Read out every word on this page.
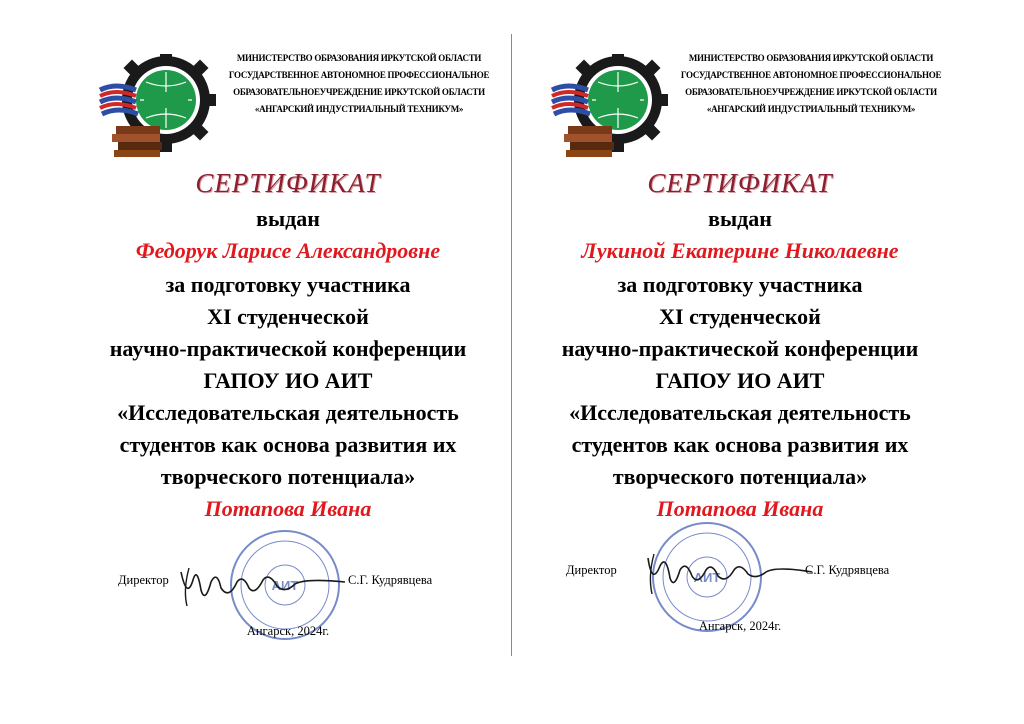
МИНИСТЕРСТВО ОБРАЗОВАНИЯ ИРКУТСКОЙ ОБЛАСТИ
ГОСУДАРСТВЕННОЕ АВТОНОМНОЕ ПРОФЕССИОНАЛЬНОЕ
ОБРАЗОВАТЕЛЬНОЕУЧРЕЖДЕНИЕ ИРКУТСКОЙ ОБЛАСТИ
«АНГАРСКИЙ ИНДУСТРИАЛЬНЫЙ ТЕХНИКУМ»
СЕРТИФИКАТ
выдан
Федорук Ларисе Александровне
за подготовку участника
XI студенческой
научно-практической конференции
ГАПОУ ИО АИТ
«Исследовательская деятельность
студентов как основа развития их
творческого потенциала»
Потапова Ивана
АИТ
Директор	С.Г. Кудрявцева
Ангарск, 2024г.
МИНИСТЕРСТВО ОБРАЗОВАНИЯ ИРКУТСКОЙ ОБЛАСТИ
ГОСУДАРСТВЕННОЕ АВТОНОМНОЕ ПРОФЕССИОНАЛЬНОЕ
ОБРАЗОВАТЕЛЬНОЕУЧРЕЖДЕНИЕ ИРКУТСКОЙ ОБЛАСТИ
«АНГАРСКИЙ ИНДУСТРИАЛЬНЫЙ ТЕХНИКУМ»
СЕРТИФИКАТ
выдан
Лукиной Екатерине Николаевне
за подготовку участника
XI студенческой
научно-практической конференции
ГАПОУ ИО АИТ
«Исследовательская деятельность
студентов как основа развития их
творческого потенциала»
Потапова Ивана
АИТ
Директор	С.Г. Кудрявцева
Ангарск, 2024г.
